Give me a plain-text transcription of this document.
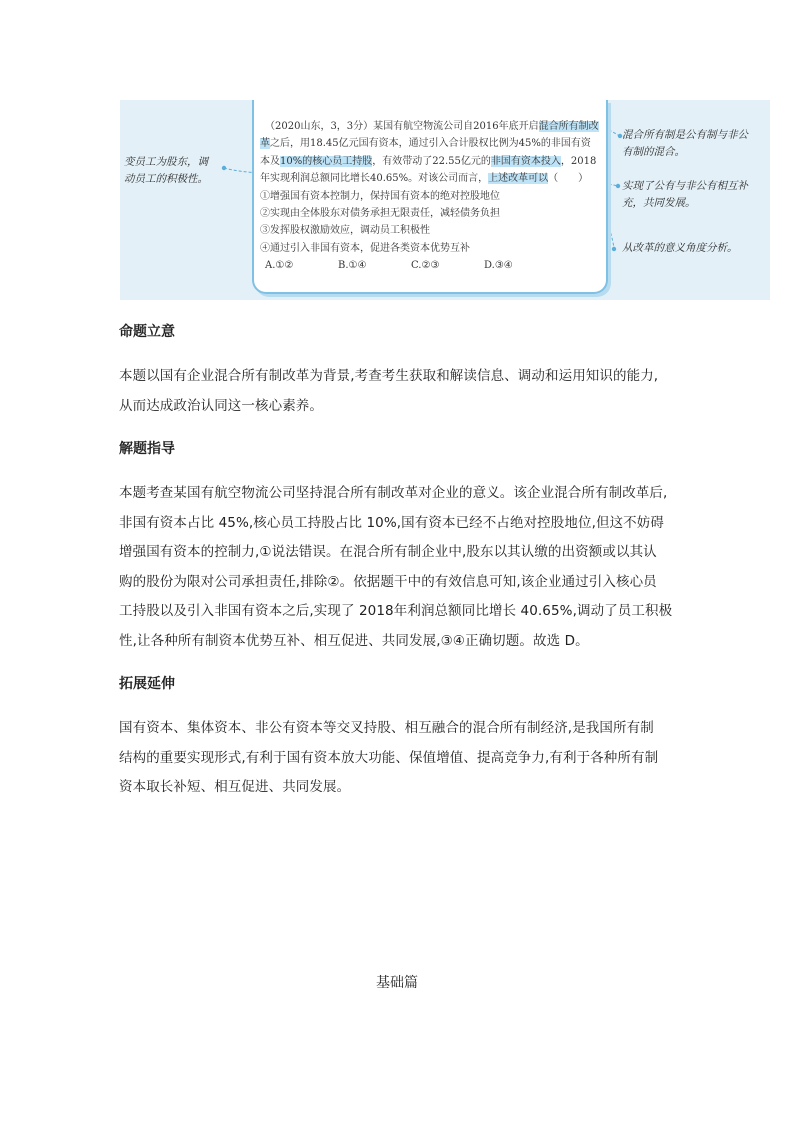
（2020山东，3，3分）某国有航空物流公司自2016年底开启混合所有制改

革之后，用18.45亿元国有资本，通过引入合计股权比例为45%的非国有资

本及10%的核心员工持股，有效带动了22.55亿元的非国有资本投入，2018

年实现利润总额同比增长40.65%。对该公司而言，上述改革可以（　　）

①增强国有资本控制力，保持国有资本的绝对控股地位

②实现由全体股东对债务承担无限责任，减轻债务负担

③发挥股权激励效应，调动员工积极性

④通过引入非国有资本，促进各类资本优势互补

A.①②	B.①④	C.②③	D.③④

变员工为股东，调
动员工的积极性。
混合所有制是公有制与非公
有制的混合。
实现了公有与非公有相互补
充，共同发展。
从改革的意义角度分析。
命题立意

本题以国有企业混合所有制改革为背景,考查考生获取和解读信息、调动和运用知识的能力,

从而达成政治认同这一核心素养。

解题指导

本题考查某国有航空物流公司坚持混合所有制改革对企业的意义。该企业混合所有制改革后,

非国有资本占比 45%,核心员工持股占比 10%,国有资本已经不占绝对控股地位,但这不妨碍

增强国有资本的控制力,①说法错误。在混合所有制企业中,股东以其认缴的出资额或以其认

购的股份为限对公司承担责任,排除②。依据题干中的有效信息可知,该企业通过引入核心员

工持股以及引入非国有资本之后,实现了 2018年利润总额同比增长 40.65%,调动了员工积极

性,让各种所有制资本优势互补、相互促进、共同发展,③④正确切题。故选 D。

拓展延伸

国有资本、集体资本、非公有资本等交叉持股、相互融合的混合所有制经济,是我国所有制

结构的重要实现形式,有利于国有资本放大功能、保值增值、提高竞争力,有利于各种所有制

资本取长补短、相互促进、共同发展。

基础篇
